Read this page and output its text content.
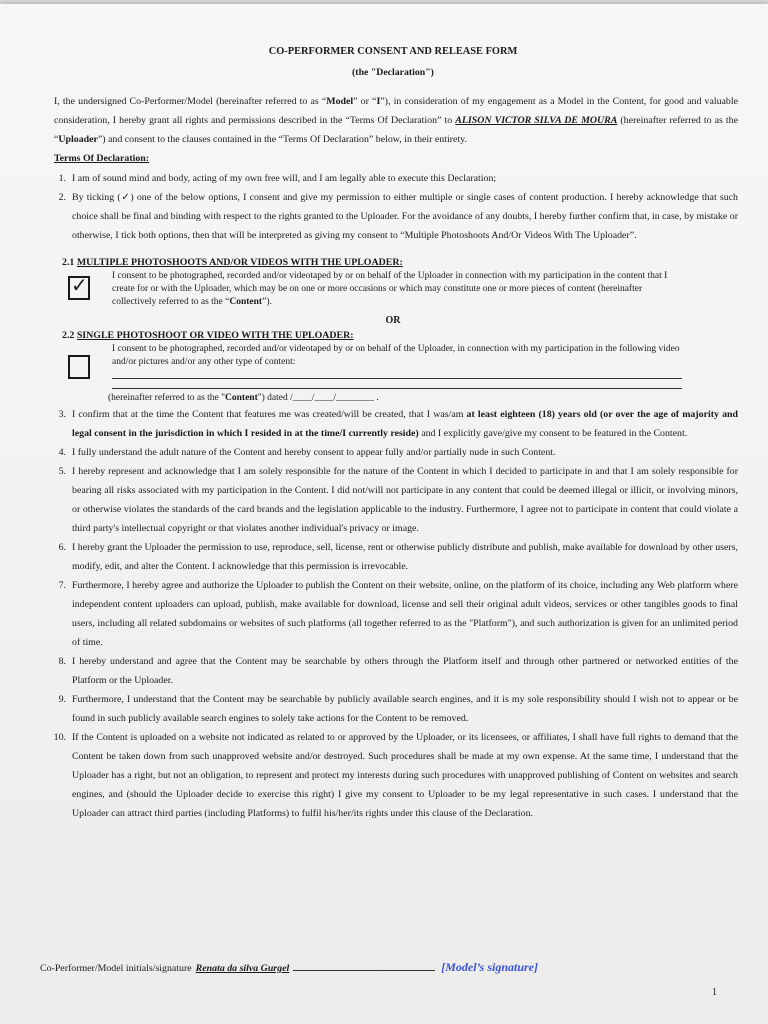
CO-PERFORMER CONSENT AND RELEASE FORM

(the "Declaration")

I, the undersigned Co-Performer/Model (hereinafter referred to as “Model” or “I”), in consideration of my engagement as a Model in the Content, for good and valuable consideration, I hereby grant all rights and permissions described in the “Terms Of Declaration” to ALISON VICTOR SILVA DE MOURA (hereinafter referred to as the “Uploader”) and consent to the clauses contained in the “Terms Of Declaration” below, in their entirety.

Terms Of Declaration:

1. I am of sound mind and body, acting of my own free will, and I am legally able to execute this Declaration;
2. By ticking (✓) one of the below options, I consent and give my permission to either multiple or single cases of content production. I hereby acknowledge that such choice shall be final and binding with respect to the rights granted to the Uploader. For the avoidance of any doubts, I hereby further confirm that, in case, by mistake or otherwise, I tick both options, then that will be interpreted as giving my consent to “Multiple Photoshoots And/Or Videos With The Uploader”.
2.1 MULTIPLE PHOTOSHOOTS AND/OR VIDEOS WITH THE UPLOADER:
✓	I consent to be photographed, recorded and/or videotaped by or on behalf of the Uploader in connection with my participation in the content that I create for or with the Uploader, which may be on one or more occasions or which may constitute one or more pieces of content (hereinafter collectively referred to as the “Content”).

OR

2.2 SINGLE PHOTOSHOOT OR VIDEO WITH THE UPLOADER:
I consent to be photographed, recorded and/or videotaped by or on behalf of the Uploader, in connection with my participation in the following video and/or pictures and/or any other type of content:
(hereinafter referred to as the "Content") dated /____/____/________ .
3. I confirm that at the time the Content that features me was created/will be created, that I was/am at least eighteen (18) years old (or over the age of majority and legal consent in the jurisdiction in which I resided in at the time/I currently reside) and I explicitly gave/give my consent to be featured in the Content.
4. I fully understand the adult nature of the Content and hereby consent to appear fully and/or partially nude in such Content.
5. I hereby represent and acknowledge that I am solely responsible for the nature of the Content in which I decided to participate in and that I am solely responsible for bearing all risks associated with my participation in the Content. I did not/will not participate in any content that could be deemed illegal or illicit, or involving minors, or otherwise violates the standards of the card brands and the legislation applicable to the industry. Furthermore, I agree not to participate in content that could violate a third party's intellectual copyright or that violates another individual's privacy or image.
6. I hereby grant the Uploader the permission to use, reproduce, sell, license, rent or otherwise publicly distribute and publish, make available for download by other users, modify, edit, and alter the Content. I acknowledge that this permission is irrevocable.
7. Furthermore, I hereby agree and authorize the Uploader to publish the Content on their website, online, on the platform of its choice, including any Web platform where independent content uploaders can upload, publish, make available for download, license and sell their original adult videos, services or other tangibles goods to final users, including all related subdomains or websites of such platforms (all together referred to as the "Platform"), and such authorization is given for an unlimited period of time.
8. I hereby understand and agree that the Content may be searchable by others through the Platform itself and through other partnered or networked entities of the Platform or the Uploader.
9. Furthermore, I understand that the Content may be searchable by publicly available search engines, and it is my sole responsibility should I wish not to appear or be found in such publicly available search engines to solely take actions for the Content to be removed.
10. If the Content is uploaded on a website not indicated as related to or approved by the Uploader, or its licensees, or affiliates, I shall have full rights to demand that the Content be taken down from such unapproved website and/or destroyed. Such procedures shall be made at my own expense. At the same time, I understand that the Uploader has a right, but not an obligation, to represent and protect my interests during such procedures with unapproved publishing of Content on websites and search engines, and (should the Uploader decide to exercise this right) I give my consent to Uploader to be my legal representative in such cases. I understand that the Uploader can attract third parties (including Platforms) to fulfil his/her/its rights under this clause of the Declaration.
Co-Performer/Model initials/signature Renata da silva Gurgel	[Model’s signature]
1
